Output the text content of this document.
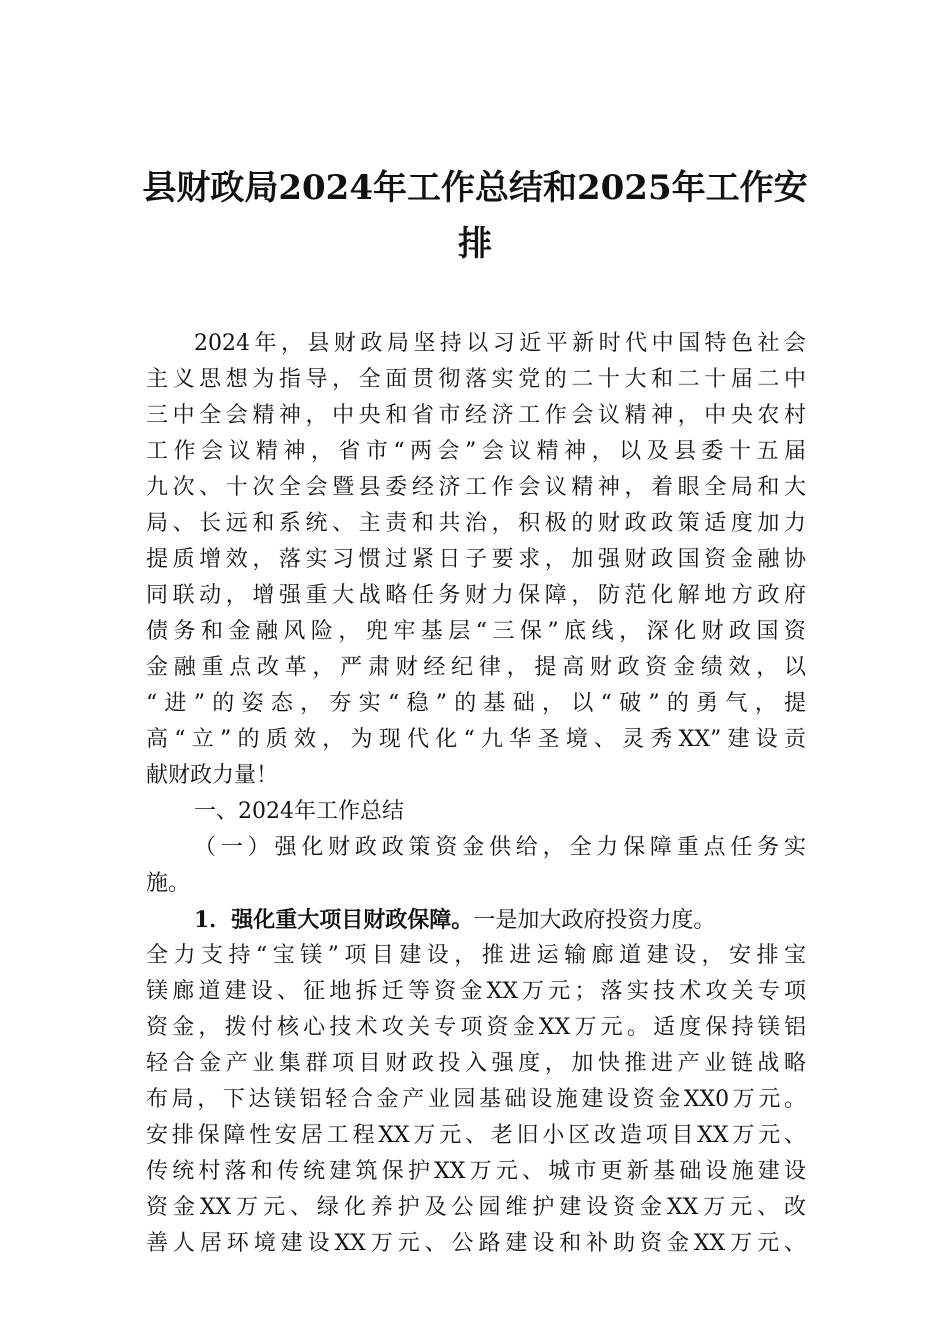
县财政局2024年工作总结和2025年工作安
排
2024年，县财政局坚持以习近平新时代中国特色社会
主义思想为指导，全面贯彻落实党的二十大和二十届二中
三中全会精神，中央和省市经济工作会议精神，中央农村
工作会议精神，省市“两会”会议精神，以及县委十五届
九次、十次全会暨县委经济工作会议精神，着眼全局和大
局、长远和系统、主责和共治，积极的财政政策适度加力
提质增效，落实习惯过紧日子要求，加强财政国资金融协
同联动，增强重大战略任务财力保障，防范化解地方政府
债务和金融风险，兜牢基层“三保”底线，深化财政国资
金融重点改革，严肃财经纪律，提高财政资金绩效，以
“进”的姿态，夯实“稳”的基础，以“破”的勇气，提
高“立”的质效，为现代化“九华圣境、灵秀XX”建设贡
献财政力量！
一、2024年工作总结
（一）强化财政政策资金供给，全力保障重点任务实
施。
1．强化重大项目财政保障。一是加大政府投资力度。
全力支持“宝镁”项目建设，推进运输廊道建设，安排宝
镁廊道建设、征地拆迁等资金XX万元；落实技术攻关专项
资金，拨付核心技术攻关专项资金XX万元。适度保持镁铝
轻合金产业集群项目财政投入强度，加快推进产业链战略
布局，下达镁铝轻合金产业园基础设施建设资金XX0万元。
安排保障性安居工程XX万元、老旧小区改造项目XX万元、
传统村落和传统建筑保护XX万元、城市更新基础设施建设
资金XX万元、绿化养护及公园维护建设资金XX万元、改
善人居环境建设XX万元、公路建设和补助资金XX万元、
